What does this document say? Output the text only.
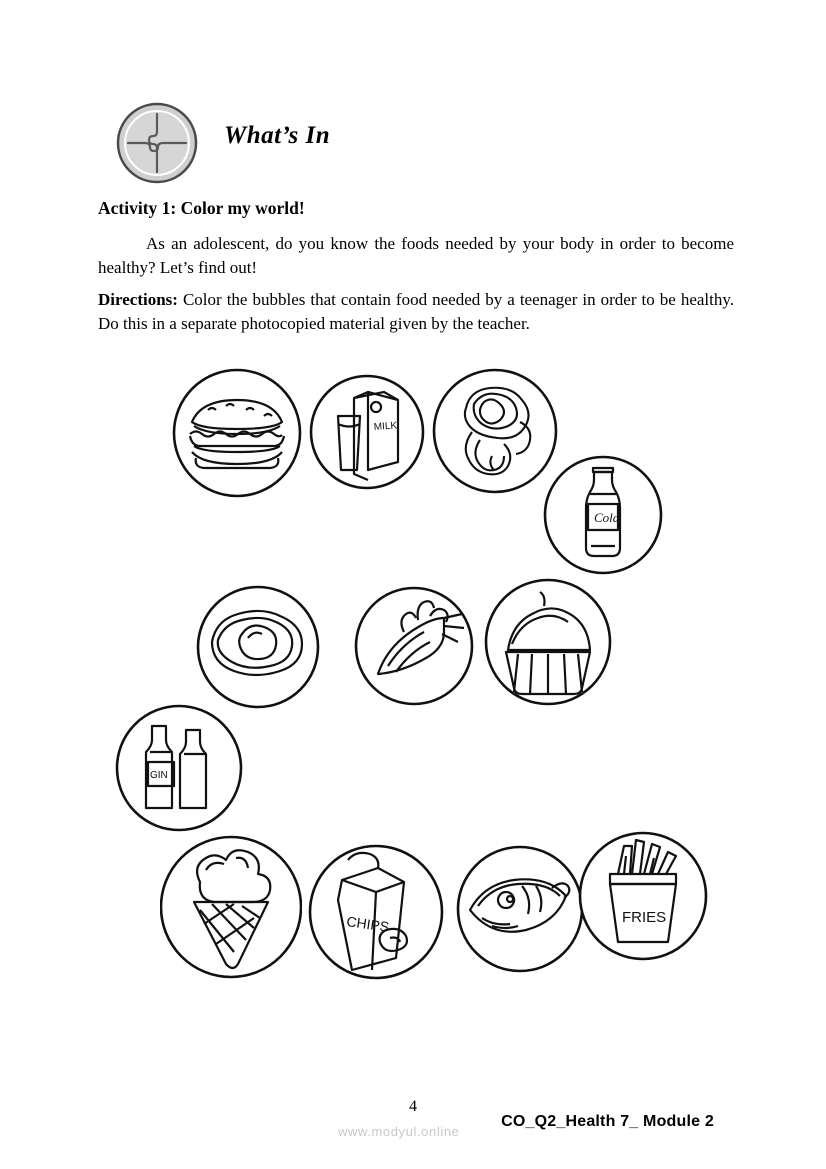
What’s In
Activity 1: Color my world!
As an adolescent, do you know the foods needed by your body in order to become healthy? Let’s find out!
Directions: Color the bubbles that contain food needed by a teenager in order to be healthy. Do this in a separate photocopied material given by the teacher.
MILK
Cola
GIN
CHIPS	FRIES
4
CO_Q2_Health 7_ Module 2
www.modyul.online
